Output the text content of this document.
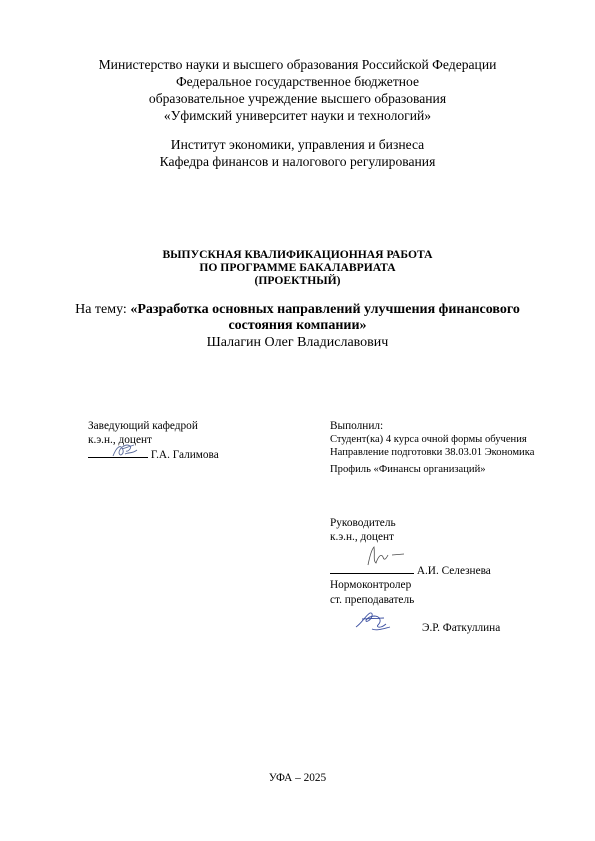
Министерство науки и высшего образования Российской Федерации
Федеральное государственное бюджетное
образовательное учреждение высшего образования
«Уфимский университет науки и технологий»
Институт экономики, управления и бизнеса
Кафедра финансов и налогового регулирования
ВЫПУСКНАЯ КВАЛИФИКАЦИОННАЯ РАБОТА
ПО ПРОГРАММЕ БАКАЛАВРИАТА
(ПРОЕКТНЫЙ)
На тему: «Разработка основных направлений улучшения финансового
состояния компании»
Шалагин Олег Владиславович
Заведующий кафедрой
к.э.н., доцент
Г.А. Галимова
Выполнил:
Студент(ка) 4 курса очной формы обучения
Направление подготовки 38.03.01 Экономика
Профиль «Финансы организаций»
Руководитель
к.э.н., доцент
А.И. Селезнева
Нормоконтролер
ст. преподаватель
Э.Р. Фаткуллина
УФА – 2025
